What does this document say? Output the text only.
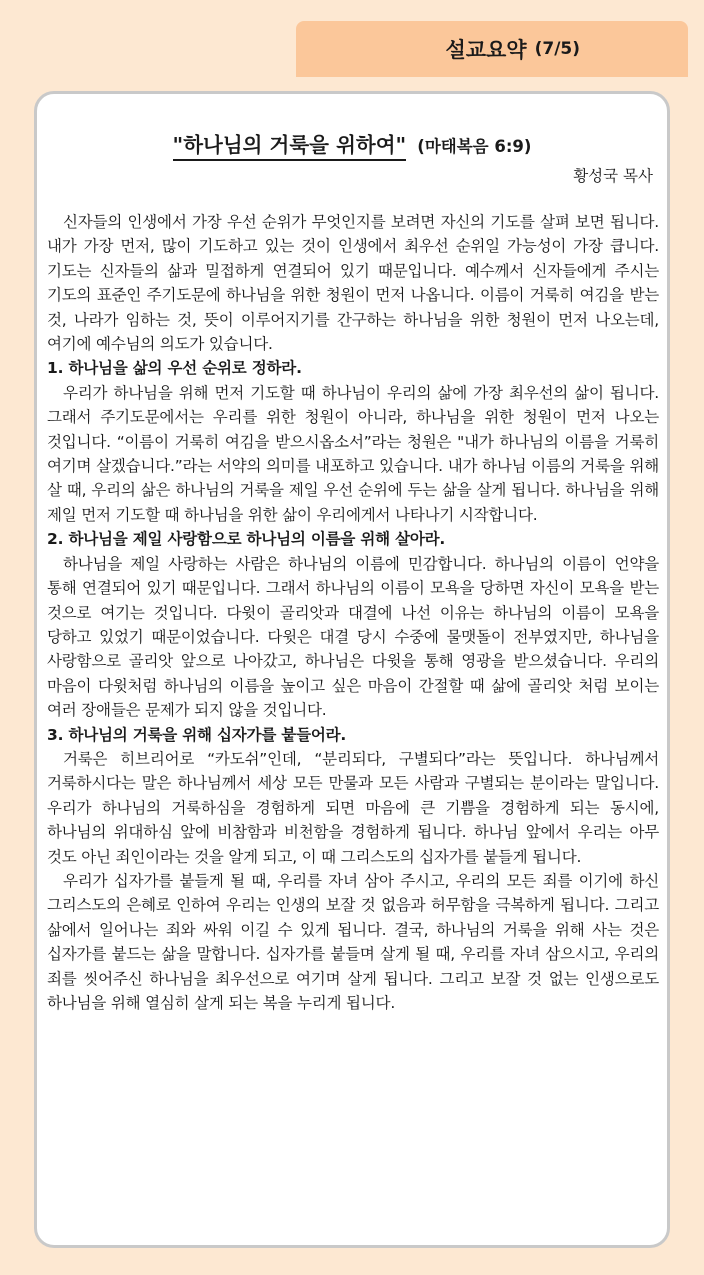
설교요약 (7/5)
"하나님의 거룩을 위하여" (마태복음 6:9)
황성국 목사

신자들의 인생에서 가장 우선 순위가 무엇인지를 보려면 자신의 기도를 살펴 보면 됩니다. 내가 가장 먼저, 많이 기도하고 있는 것이 인생에서 최우선 순위일 가능성이 가장 큽니다. 기도는 신자들의 삶과 밀접하게 연결되어 있기 때문입니다. 예수께서 신자들에게 주시는 기도의 표준인 주기도문에 하나님을 위한 청원이 먼저 나옵니다. 이름이 거룩히 여김을 받는 것, 나라가 임하는 것, 뜻이 이루어지기를 간구하는 하나님을 위한 청원이 먼저 나오는데, 여기에 예수님의 의도가 있습니다.

1. 하나님을 삶의 우선 순위로 정하라.

우리가 하나님을 위해 먼저 기도할 때 하나님이 우리의 삶에 가장 최우선의 삶이 됩니다. 그래서 주기도문에서는 우리를 위한 청원이 아니라, 하나님을 위한 청원이 먼저 나오는 것입니다. “이름이 거룩히 여김을 받으시옵소서”라는 청원은 "내가 하나님의 이름을 거룩히 여기며 살겠습니다.”라는 서약의 의미를 내포하고 있습니다. 내가 하나님 이름의 거룩을 위해 살 때, 우리의 삶은 하나님의 거룩을 제일 우선 순위에 두는 삶을 살게 됩니다. 하나님을 위해 제일 먼저 기도할 때 하나님을 위한 삶이 우리에게서 나타나기 시작합니다.

2. 하나님을 제일 사랑함으로 하나님의 이름을 위해 살아라.

하나님을 제일 사랑하는 사람은 하나님의 이름에 민감합니다. 하나님의 이름이 언약을 통해 연결되어 있기 때문입니다. 그래서 하나님의 이름이 모욕을 당하면 자신이 모욕을 받는 것으로 여기는 것입니다. 다윗이 골리앗과 대결에 나선 이유는 하나님의 이름이 모욕을 당하고 있었기 때문이었습니다. 다윗은 대결 당시 수중에 물맷돌이 전부였지만, 하나님을 사랑함으로 골리앗 앞으로 나아갔고, 하나님은 다윗을 통해 영광을 받으셨습니다. 우리의 마음이 다윗처럼 하나님의 이름을 높이고 싶은 마음이 간절할 때 삶에 골리앗 처럼 보이는 여러 장애들은 문제가 되지 않을 것입니다.

3. 하나님의 거룩을 위해 십자가를 붙들어라.

거룩은 히브리어로 “카도쉬”인데, “분리되다, 구별되다”라는 뜻입니다. 하나님께서 거룩하시다는 말은 하나님께서 세상 모든 만물과 모든 사람과 구별되는 분이라는 말입니다. 우리가 하나님의 거룩하심을 경험하게 되면 마음에 큰 기쁨을 경험하게 되는 동시에, 하나님의 위대하심 앞에 비참함과 비천함을 경험하게 됩니다. 하나님 앞에서 우리는 아무 것도 아닌 죄인이라는 것을 알게 되고, 이 때 그리스도의 십자가를 붙들게 됩니다.

우리가 십자가를 붙들게 될 때, 우리를 자녀 삼아 주시고, 우리의 모든 죄를 이기에 하신 그리스도의 은혜로 인하여 우리는 인생의 보잘 것 없음과 허무함을 극복하게 됩니다. 그리고 삶에서 일어나는 죄와 싸워 이길 수 있게 됩니다. 결국, 하나님의 거룩을 위해 사는 것은 십자가를 붙드는 삶을 말합니다. 십자가를 붙들며 살게 될 때, 우리를 자녀 삼으시고, 우리의 죄를 씻어주신 하나님을 최우선으로 여기며 살게 됩니다. 그리고 보잘 것 없는 인생으로도 하나님을 위해 열심히 살게 되는 복을 누리게 됩니다.
